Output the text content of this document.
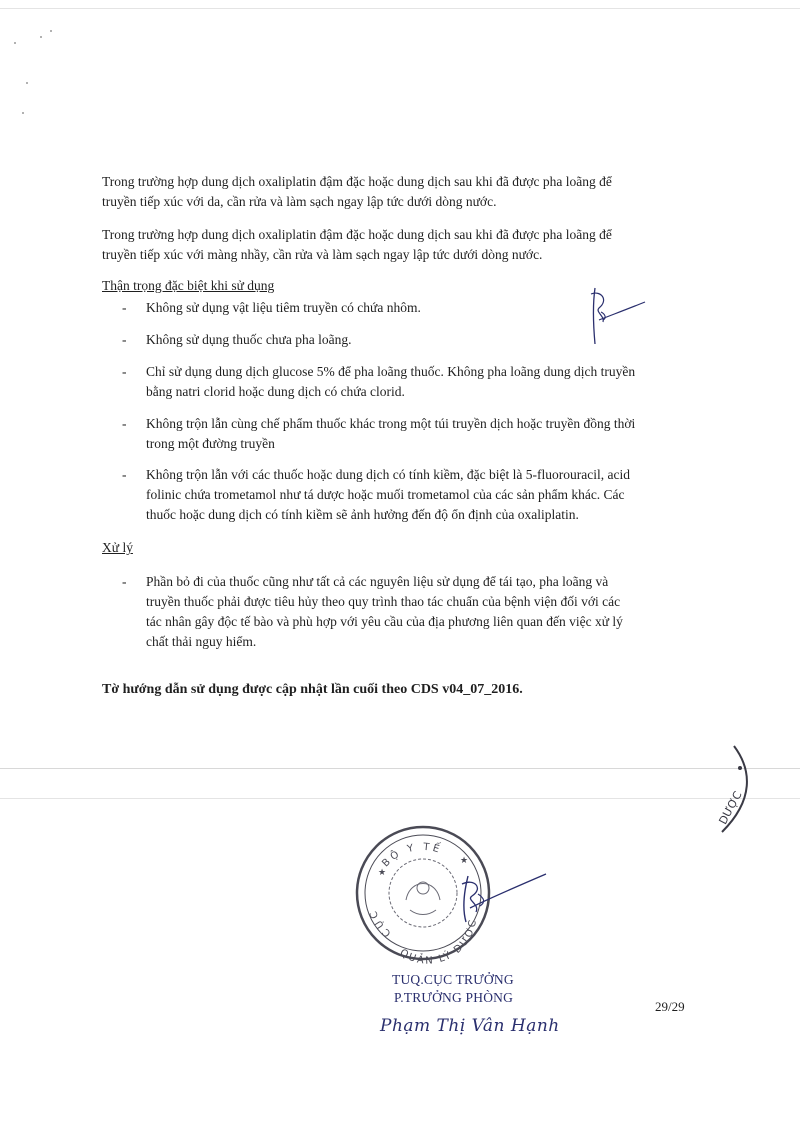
Trong trường hợp dung dịch oxaliplatin đậm đặc hoặc dung dịch sau khi đã được pha loãng để
truyền tiếp xúc với da, cần rửa và làm sạch ngay lập tức dưới dòng nước.

Trong trường hợp dung dịch oxaliplatin đậm đặc hoặc dung dịch sau khi đã được pha loãng để
truyền tiếp xúc với màng nhầy, cần rửa và làm sạch ngay lập tức dưới dòng nước.

Thận trọng đặc biệt khi sử dụng

-	Không sử dụng vật liệu tiêm truyền có chứa nhôm.
-	Không sử dụng thuốc chưa pha loãng.
-	Chỉ sử dụng dung dịch glucose 5% để pha loãng thuốc. Không pha loãng dung dịch truyền
bằng natri clorid hoặc dung dịch có chứa clorid.
-	Không trộn lẫn cùng chế phẩm thuốc khác trong một túi truyền dịch hoặc truyền đồng thời
trong một đường truyền
-	Không trộn lẫn với các thuốc hoặc dung dịch có tính kiềm, đặc biệt là 5-fluorouracil, acid
folinic chứa trometamol như tá dược hoặc muối trometamol của các sản phẩm khác. Các
thuốc hoặc dung dịch có tính kiềm sẽ ảnh hưởng đến độ ổn định của oxaliplatin.

Xử lý

-	Phần bỏ đi của thuốc cũng như tất cả các nguyên liệu sử dụng để tái tạo, pha loãng và
truyền thuốc phải được tiêu hủy theo quy trình thao tác chuẩn của bệnh viện đối với các
tác nhân gây độc tế bào và phù hợp với yêu cầu của địa phương liên quan đến việc xử lý
chất thải nguy hiểm.
Tờ hướng dẫn sử dụng được cập nhật lần cuối theo CDS v04_07_2016.
DƯỢC
★
★
BỘ Y TẾ
CỤC
QUẢN LÝ DƯỢC
TUQ.CỤC TRƯỞNG
P.TRƯỞNG PHÒNG
Phạm Thị Vân Hạnh
29/29
